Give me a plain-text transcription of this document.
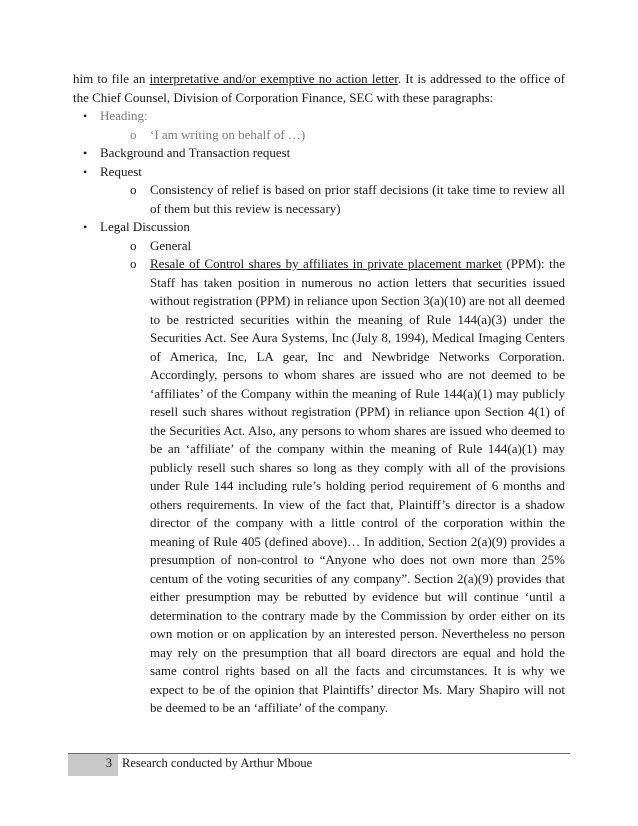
him to file an interpretative and/or exemptive no action letter. It is addressed to the office of the Chief Counsel, Division of Corporation Finance, SEC with these paragraphs:

• Heading:
o ‘I am writing on behalf of …)
• Background and Transaction request
• Request
o Consistency of relief is based on prior staff decisions (it take time to review all of them but this review is necessary)
• Legal Discussion
o General
o Resale of Control shares by affiliates in private placement market (PPM): the Staff has taken position in numerous no action letters that securities issued without registration (PPM) in reliance upon Section 3(a)(10) are not all deemed to be restricted securities within the meaning of Rule 144(a)(3) under the Securities Act. See Aura Systems, Inc (July 8, 1994), Medical Imaging Centers of America, Inc, LA gear, Inc and Newbridge Networks Corporation. Accordingly, persons to whom shares are issued who are not deemed to be ‘affiliates’ of the Company within the meaning of Rule 144(a)(1) may publicly resell such shares without registration (PPM) in reliance upon Section 4(1) of the Securities Act. Also, any persons to whom shares are issued who deemed to be an ‘affiliate’ of the company within the meaning of Rule 144(a)(1) may publicly resell such shares so long as they comply with all of the provisions under Rule 144 including rule’s holding period requirement of 6 months and others requirements. In view of the fact that, Plaintiff’s director is a shadow director of the company with a little control of the corporation within the meaning of Rule 405 (defined above)… In addition, Section 2(a)(9) provides a presumption of non-control to “Anyone who does not own more than 25% centum of the voting securities of any company”. Section 2(a)(9) provides that either presumption may be rebutted by evidence but will continue ‘until a determination to the contrary made by the Commission by order either on its own motion or on application by an interested person. Nevertheless no person may rely on the presumption that all board directors are equal and hold the same control rights based on all the facts and circumstances. It is why we expect to be of the opinion that Plaintiffs’ director Ms. Mary Shapiro will not be deemed to be an ‘affiliate’ of the company.
3 Research conducted by Arthur Mboue
